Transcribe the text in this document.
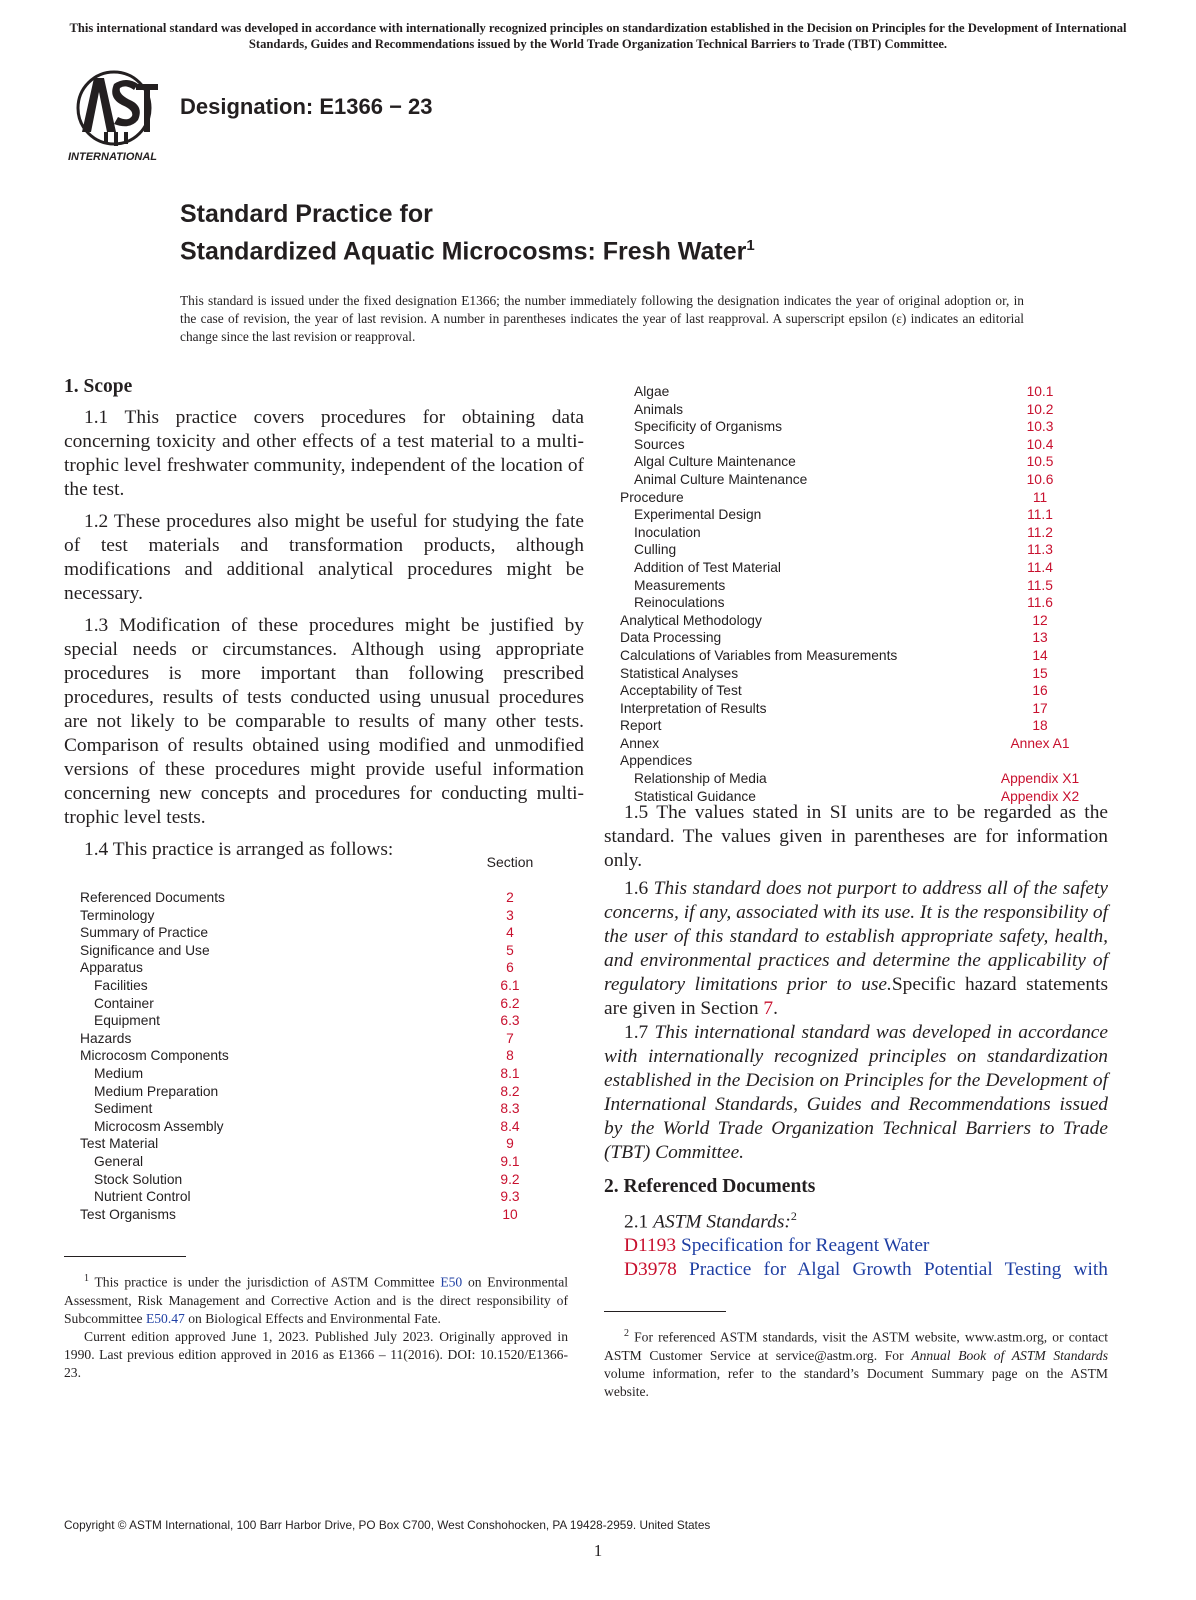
This international standard was developed in accordance with internationally recognized principles on standardization established in the Decision on Principles for the Development of International Standards, Guides and Recommendations issued by the World Trade Organization Technical Barriers to Trade (TBT) Committee.
INTERNATIONAL
Designation: E1366 − 23
Standard Practice for
Standardized Aquatic Microcosms: Fresh Water$^1$
This standard is issued under the fixed designation E1366; the number immediately following the designation indicates the year of original adoption or, in the case of revision, the year of last revision. A number in parentheses indicates the year of last reapproval. A superscript epsilon (ε) indicates an editorial change since the last revision or reapproval.
1. Scope

1.1 This practice covers procedures for obtaining data concerning toxicity and other effects of a test material to a multi-trophic level freshwater community, independent of the location of the test.

1.2 These procedures also might be useful for studying the fate of test materials and transformation products, although modifications and additional analytical procedures might be necessary.

1.3 Modification of these procedures might be justified by special needs or circumstances. Although using appropriate procedures is more important than following prescribed procedures, results of tests conducted using unusual procedures are not likely to be comparable to results of many other tests. Comparison of results obtained using modified and unmodified versions of these procedures might provide useful information concerning new concepts and procedures for conducting multi-trophic level tests.

1.4 This practice is arranged as follows:

Section
Referenced Documents	2
Terminology	3
Summary of Practice	4
Significance and Use	5
Apparatus	6
Facilities	6.1
Container	6.2
Equipment	6.3
Hazards	7
Microcosm Components	8
Medium	8.1
Medium Preparation	8.2
Sediment	8.3
Microcosm Assembly	8.4
Test Material	9
General	9.1
Stock Solution	9.2
Nutrient Control	9.3
Test Organisms	10
Algae	10.1
Animals	10.2
Specificity of Organisms	10.3
Sources	10.4
Algal Culture Maintenance	10.5
Animal Culture Maintenance	10.6
Procedure	11
Experimental Design	11.1
Inoculation	11.2
Culling	11.3
Addition of Test Material	11.4
Measurements	11.5
Reinoculations	11.6
Analytical Methodology	12
Data Processing	13
Calculations of Variables from Measurements	14
Statistical Analyses	15
Acceptability of Test	16
Interpretation of Results	17
Report	18
Annex	Annex A1
Appendices
Relationship of Media	Appendix X1
Statistical Guidance	Appendix X2

1.5 The values stated in SI units are to be regarded as the standard. The values given in parentheses are for information only.

1.6 This standard does not purport to address all of the safety concerns, if any, associated with its use. It is the responsibility of the user of this standard to establish appropriate safety, health, and environmental practices and determine the applicability of regulatory limitations prior to use.Specific hazard statements are given in Section 7.

1.7 This international standard was developed in accordance with internationally recognized principles on standardization established in the Decision on Principles for the Development of International Standards, Guides and Recommendations issued by the World Trade Organization Technical Barriers to Trade (TBT) Committee.

2. Referenced Documents
2.1 ASTM Standards:$^2$
D1193 Specification for Reagent Water
D3978 Practice for Algal Growth Potential Testing with
$^1$ This practice is under the jurisdiction of ASTM Committee E50 on Environmental Assessment, Risk Management and Corrective Action and is the direct responsibility of Subcommittee E50.47 on Biological Effects and Environmental Fate.
Current edition approved June 1, 2023. Published July 2023. Originally approved in 1990. Last previous edition approved in 2016 as E1366 – 11(2016). DOI: 10.1520/E1366-23.
$^2$ For referenced ASTM standards, visit the ASTM website, www.astm.org, or contact ASTM Customer Service at service@astm.org. For Annual Book of ASTM Standards volume information, refer to the standard’s Document Summary page on the ASTM website.
Copyright © ASTM International, 100 Barr Harbor Drive, PO Box C700, West Conshohocken, PA 19428-2959. United States
1
